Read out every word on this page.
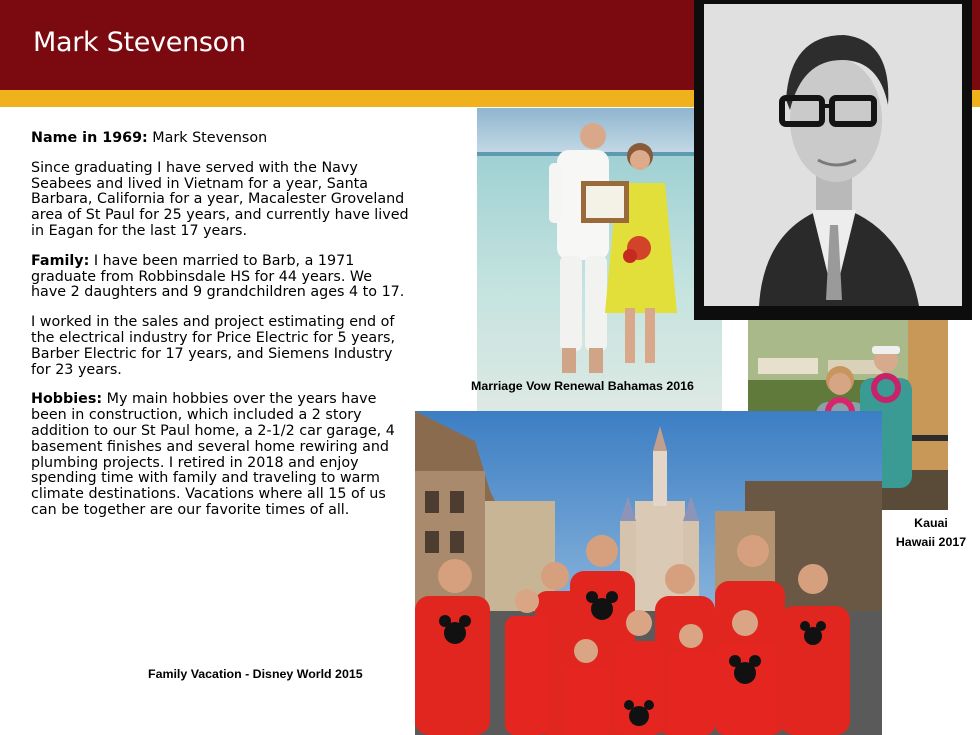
Mark Stevenson

Name in 1969: Mark Stevenson

Since graduating I have served with the Navy Seabees and lived in Vietnam for a year, Santa Barbara, California for a year, Macalester Groveland area of St Paul for 25 years, and currently have lived in Eagan for the last 17 years.

Family: I have been married to Barb, a 1971 graduate from Robbinsdale HS for 44 years. We have 2 daughters and 9 grandchildren ages 4 to 17.

I worked in the sales and project estimating end of the electrical industry for Price Electric for 5 years, Barber Electric for 17 years, and Siemens Industry for 23 years.

Hobbies: My main hobbies over the years have been in construction, which included a 2 story addition to our St Paul home, a 2-1/2 car garage, 4 basement finishes and several home rewiring and plumbing projects. I retired in 2018 and enjoy spending time with family and traveling to warm climate destinations. Vacations where all 15 of us can be together are our favorite times of all.

Marriage Vow Renewal Bahamas 2016
Kauai
Hawaii 2017
Family Vacation - Disney World 2015
